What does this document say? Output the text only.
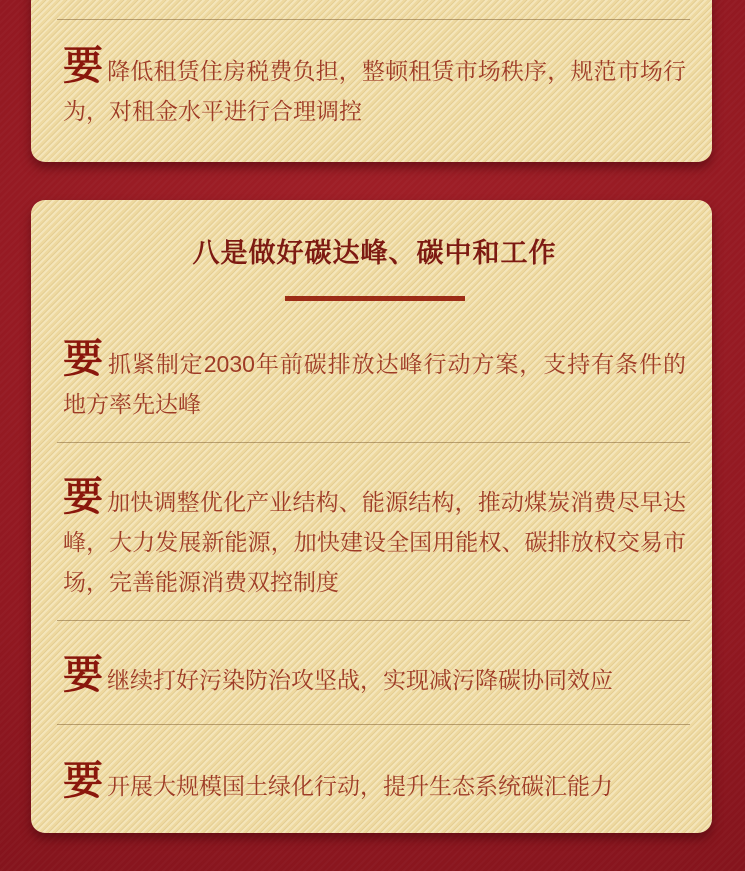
要降低租赁住房税费负担，整顿租赁市场秩序，规范市场行为，对租金水平进行合理调控

八是做好碳达峰、碳中和工作

要抓紧制定2030年前碳排放达峰行动方案，支持有条件的地方率先达峰

要加快调整优化产业结构、能源结构，推动煤炭消费尽早达峰，大力发展新能源，加快建设全国用能权、碳排放权交易市场，完善能源消费双控制度

要继续打好污染防治攻坚战，实现减污降碳协同效应

要开展大规模国土绿化行动，提升生态系统碳汇能力
